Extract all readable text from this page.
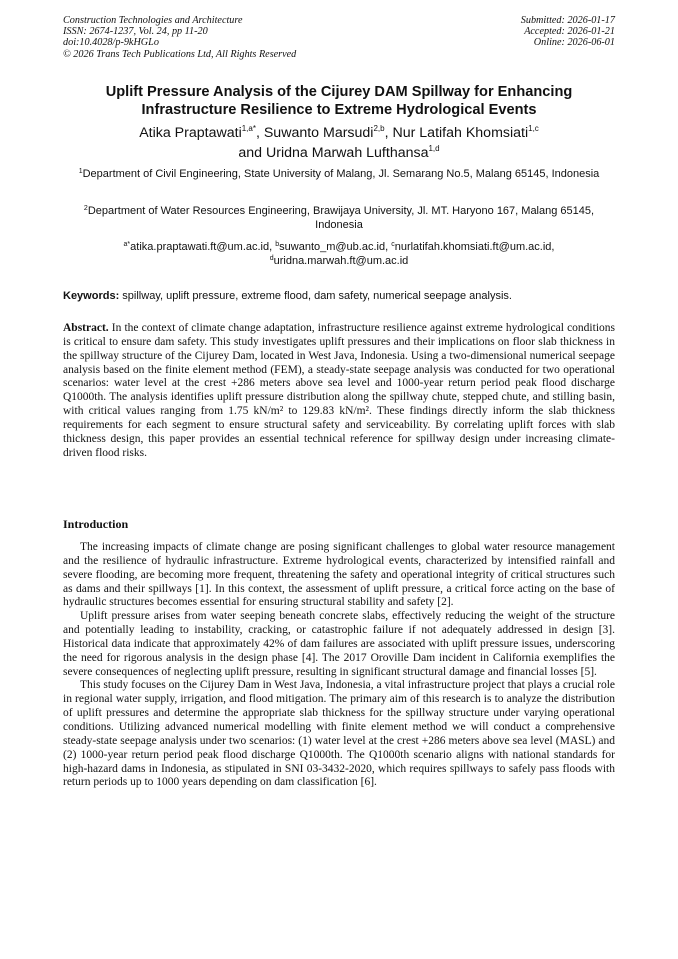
Construction Technologies and Architecture
ISSN: 2674-1237, Vol. 24, pp 11-20
doi:10.4028/p-9kHGLo
© 2026 Trans Tech Publications Ltd, All Rights Reserved
Submitted: 2026-01-17
Accepted: 2026-01-21
Online: 2026-06-01
Uplift Pressure Analysis of the Cijurey DAM Spillway for Enhancing Infrastructure Resilience to Extreme Hydrological Events
Atika Praptawati$^{1,a*}$, Suwanto Marsudi$^{2,b}$, Nur Latifah Khomsiati$^{1,c}$
and Uridna Marwah Lufthansa$^{1,d}$
$^1$Department of Civil Engineering, State University of Malang, Jl. Semarang No.5, Malang 65145, Indonesia
$^2$Department of Water Resources Engineering, Brawijaya University, Jl. MT. Haryono 167, Malang 65145, Indonesia
$^{a*}$atika.praptawati.ft@um.ac.id, $^b$suwanto_m@ub.ac.id, $^c$nurlatifah.khomsiati.ft@um.ac.id,
$^d$uridna.marwah.ft@um.ac.id
Keywords: spillway, uplift pressure, extreme flood, dam safety, numerical seepage analysis.
Abstract. In the context of climate change adaptation, infrastructure resilience against extreme hydrological conditions is critical to ensure dam safety. This study investigates uplift pressures and their implications on floor slab thickness in the spillway structure of the Cijurey Dam, located in West Java, Indonesia. Using a two-dimensional numerical seepage analysis based on the finite element method (FEM), a steady-state seepage analysis was conducted for two operational scenarios: water level at the crest +286 meters above sea level and 1000-year return period peak flood discharge Q1000th. The analysis identifies uplift pressure distribution along the spillway chute, stepped chute, and stilling basin, with critical values ranging from 1.75 kN/m² to 129.83 kN/m². These findings directly inform the slab thickness requirements for each segment to ensure structural safety and serviceability. By correlating uplift forces with slab thickness design, this paper provides an essential technical reference for spillway design under increasing climate-driven flood risks.
Introduction

The increasing impacts of climate change are posing significant challenges to global water resource management and the resilience of hydraulic infrastructure. Extreme hydrological events, characterized by intensified rainfall and severe flooding, are becoming more frequent, threatening the safety and operational integrity of critical structures such as dams and their spillways [1]. In this context, the assessment of uplift pressure, a critical force acting on the base of hydraulic structures becomes essential for ensuring structural stability and safety [2].

Uplift pressure arises from water seeping beneath concrete slabs, effectively reducing the weight of the structure and potentially leading to instability, cracking, or catastrophic failure if not adequately addressed in design [3]. Historical data indicate that approximately 42% of dam failures are associated with uplift pressure issues, underscoring the need for rigorous analysis in the design phase [4]. The 2017 Oroville Dam incident in California exemplifies the severe consequences of neglecting uplift pressure, resulting in significant structural damage and financial losses [5].

This study focuses on the Cijurey Dam in West Java, Indonesia, a vital infrastructure project that plays a crucial role in regional water supply, irrigation, and flood mitigation. The primary aim of this research is to analyze the distribution of uplift pressures and determine the appropriate slab thickness for the spillway structure under varying operational conditions. Utilizing advanced numerical modelling with finite element method we will conduct a comprehensive steady-state seepage analysis under two scenarios: (1) water level at the crest +286 meters above sea level (MASL) and (2) 1000-year return period peak flood discharge Q1000th. The Q1000th scenario aligns with national standards for high-hazard dams in Indonesia, as stipulated in SNI 03-3432-2020, which requires spillways to safely pass floods with return periods up to 1000 years depending on dam classification [6].
